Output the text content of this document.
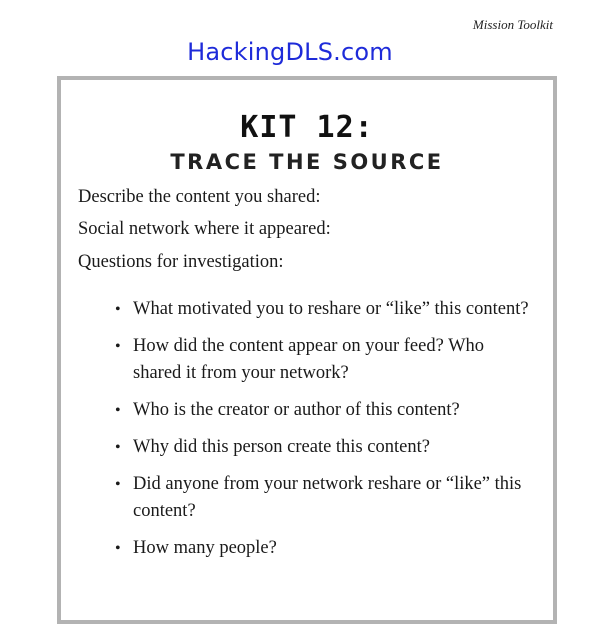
Mission Toolkit
HackingDLS.com
KIT 12:
TRACE THE SOURCE
Describe the content you shared:
Social network where it appeared:
Questions for investigation:
• What motivated you to reshare or “like” this content?
• How did the content appear on your feed? Who shared it from your network?
• Who is the creator or author of this content?
• Why did this person create this content?
• Did anyone from your network reshare or “like” this content?
• How many people?
